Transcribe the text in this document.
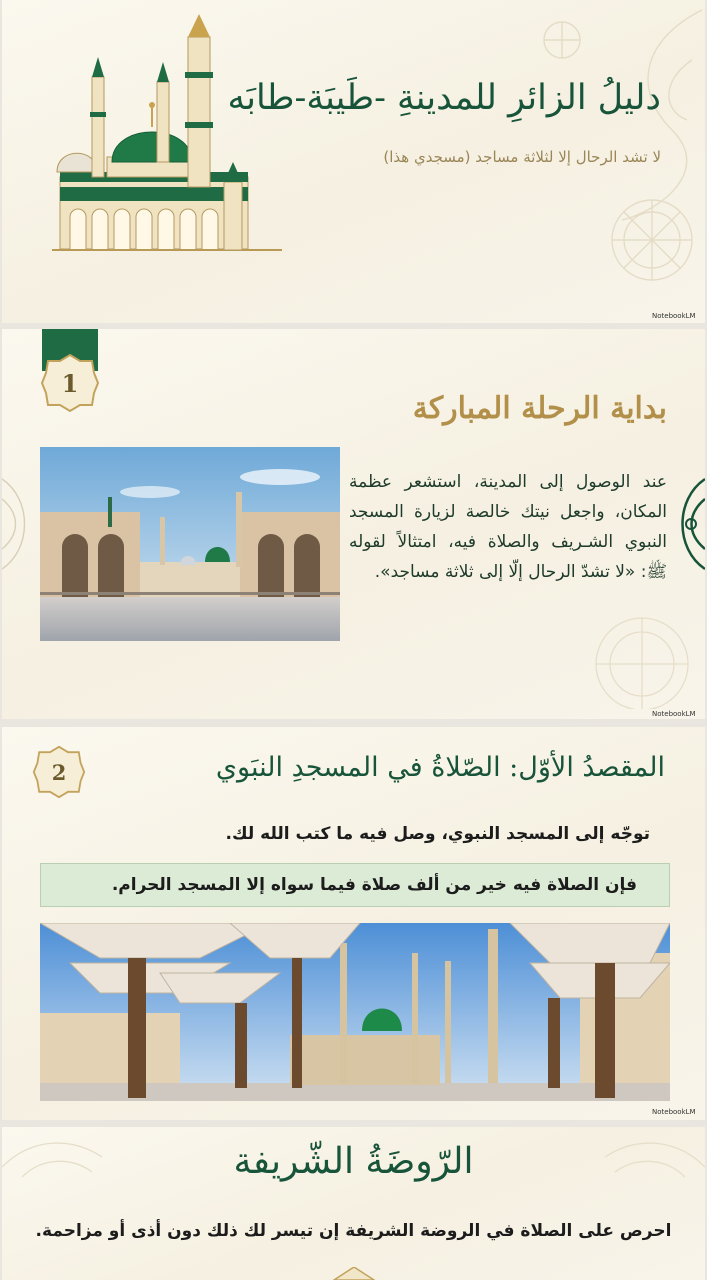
دليلُ الزائرِ للمدينةِ -طَيبَة-طابَه
لا تشد الرحال إلا لثلاثة مساجد (مسجدي هذا)
NotebookLM
1
بداية الرحلة المباركة
عند الوصول إلى المدينة، استشعر عظمة المكان، واجعل نيتك خالصة لزيارة المسجد النبوي الشـريف والصلاة فيه، امتثالاً لقوله ﷺ: «لا تشدّ الرحال إلّا إلى ثلاثة مساجد».
NotebookLM
2	المقصدُ الأوّل: الصّلاةُ في المسجدِ النبَوي
توجّه إلى المسجد النبوي، وصل فيه ما كتب الله لك.
فإن الصلاة فيه خير من ألف صلاة فيما سواه إلا المسجد الحرام.
NotebookLM
الرّوضَةُ الشّريفة
احرص على الصلاة في الروضة الشريفة إن تيسر لك ذلك دون أذى أو مزاحمة.
